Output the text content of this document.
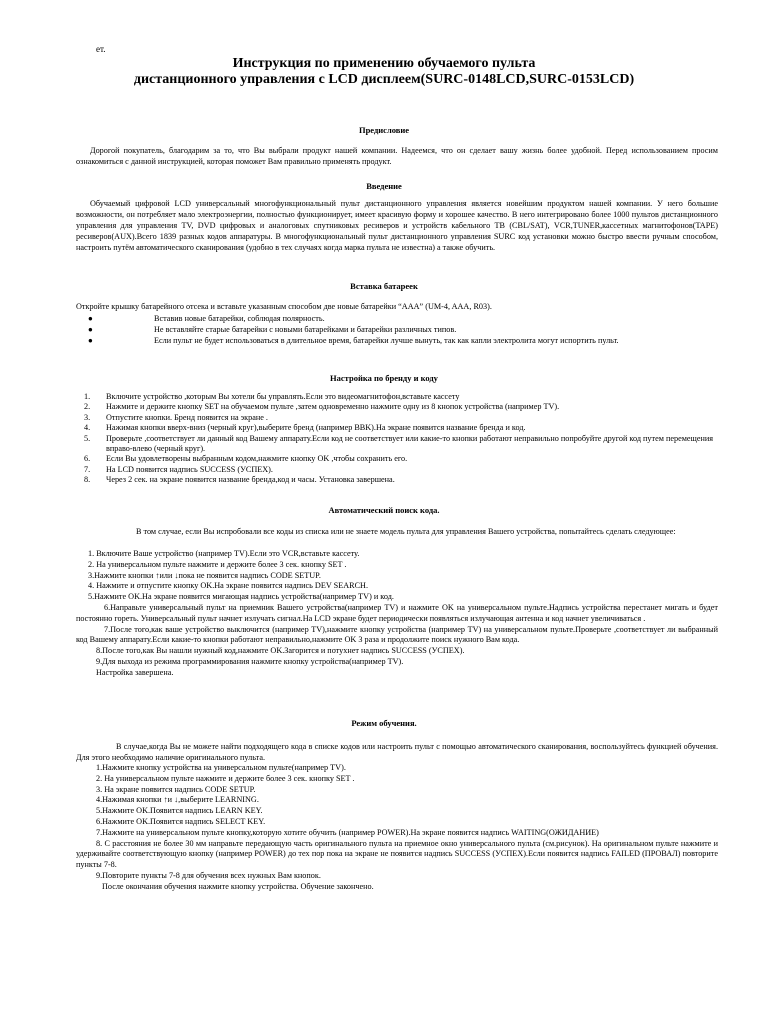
ет.
Инструкция по применению обучаемого пульта
дистанционного управления с LCD дисплеем(SURC-0148LCD,SURC-0153LCD)
Предисловие
Дорогой покупатель, благодарим за то, что Вы выбрали продукт нашей компании. Надеемся, что он сделает вашу жизнь более удобной. Перед использованием просим ознакомиться с данной инструкцией, которая поможет Вам правильно применять продукт.
Введение
Обучаемый цифровой LCD универсальный многофункциональный пульт дистанционного управления является новейшим продуктом нашей компании. У него большие возможности, он потребляет мало электроэнергии, полностью функционирует, имеет красивую форму и хорошее качество. В него интегрировано более 1000 пультов дистанционного управления для управления TV, DVD цифровых и аналоговых спутниковых ресиверов и устройств кабельного ТВ (CBL/SAT), VCR,TUNER,кассетных магнитофонов(TAPE) ресиверов(AUX).Всего 1839 разных кодов аппаратуры. В многофункциональный пульт дистанционного управления SURC код установки можно быстро ввести ручным способом, настроить путём автоматического сканирования (удобно в тех случаях когда марка пульта не известна) а также обучить.
Вставка батареек
Откройте крышку батарейного отсека и вставьте указанным способом две новые батарейки “AAA” (UM-4, AAA, R03).
●	Вставив новые батарейки, соблюдая полярность.
●	Не вставляйте старые батарейки с новыми батарейками и батарейки различных типов.
●	Если пульт не будет использоваться в длительное время, батарейки лучше вынуть, так как капли электролита могут испортить пульт.
Настройка по бренду и коду
1.	Включите устройство ,которым Вы хотели бы управлять.Если это видеомагнитофон,вставьте кассету
2.	Нажмите и держите кнопку SET на обучаемом пульте ,затем одновременно нажмите одну из 8 кнопок устройства (например TV).
3.	Отпустите кнопки. Бренд появится на экране .
4.	Нажимая кнопки вверх-вниз (черный круг),выберите бренд (например BBK).На экране появится название бренда и код.
5.	Проверьте ,соответствует ли данный код Вашему аппарату.Если код не соответствует или какие-то кнопки работают неправильно попробуйте другой код путем перемещения вправо-влево (черный круг).
6.	Если Вы удовлетворены выбранным кодом,нажмите кнопку OK ,чтобы сохранить его.
7.	На LCD появится надпись SUCCESS (УСПЕХ).
8.	Через 2 сек. на экране появится название бренда,код и часы. Установка завершена.
Автоматический поиск кода.
В том случае, если Вы испробовали все коды из списка или не знаете модель пульта для управления Вашего устройства, попытайтесь сделать следующее:
1. Включите Ваше устройство (например TV).Если это VCR,вставьте кассету.
2. На универсальном пульте нажмите и держите более 3 сек. кнопку SET .
3.Нажмите кнопки ↑или ↓пока не появится надпись CODE SETUP.
4. Нажмите и отпустите кнопку OK.На экране появится надпись DEV SEARCH.
5.Нажмите OK.На экране появится мигающая надпись устройства(например TV) и код.
6.Направьте универсальный пульт на приемник Вашего устройства(например TV) и нажмите OK на универсальном пульте.Надпись устройства перестанет мигать и будет постоянно гореть. Универсальный пульт начнет излучать сигнал.На LCD экране будет периодически появляться излучающая антенна и код начнет увеличиваться .
7.После того,как ваше устройство выключится (например TV),нажмите кнопку устройства (например TV) на универсальном пульте.Проверьте ,соответствует ли выбранный код Вашему аппарату.Если какие-то кнопки работают неправильно,нажмите OK 3 раза и продолжите поиск нужного Вам кода.
8.После того,как Вы нашли нужный код,нажмите OK.Загорится и потухнет надпись SUCCESS (УСПЕХ).
9.Для выхода из режима программирования нажмите кнопку устройства(например TV).
Настройка завершена.
Режим обучения.
В случае,когда Вы не можете найти подходящего кода в списке кодов или настроить пульт с помощью автоматического сканирования, воспользуйтесь функцией обучения. Для этого необходимо наличие оригинального пульта.
1.Нажмите кнопку устройства на универсальном пульте(например TV).
2. На универсальном пульте нажмите и держите более 3 сек. кнопку SET .
3. На экране появится надпись CODE SETUP.
4.Нажимая кнопки ↑и ↓,выберите LEARNING.
5.Нажмите OK.Появится надпись LEARN KEY.
6.Нажмите OK.Появится надпись SELECT KEY.
7.Нажмите на универсальном пульте кнопку,которую хотите обучить (например POWER).На экране появится надпись WAITING(ОЖИДАНИЕ)
8. С расстояния не более 30 мм направьте передающую часть оригинального пульта на приемное окно универсального пульта (см.рисунок). На оригинальном пульте нажмите и удерживайте соответствующую кнопку (например POWER) до тех пор пока на экране не появится надпись SUCCESS (УСПЕХ).Если появится надпись FAILED (ПРОВАЛ) повторите пункты 7-8.
9.Повторите пункты 7-8 для обучения всех нужных Вам кнопок.
После окончания обучения нажмите кнопку устройства. Обучение закончено.
